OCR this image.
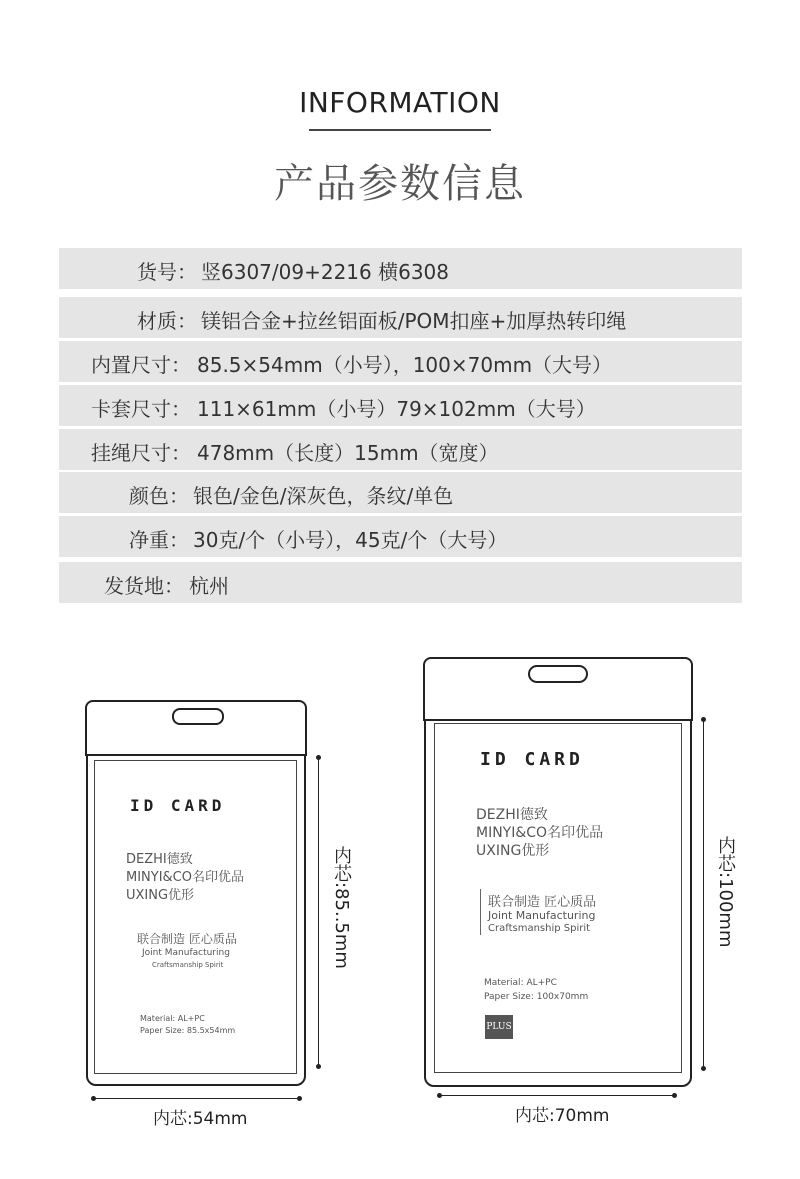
INFORMATION
产品参数信息
货号： 竖6307/09+2216 横6308
材质： 镁铝合金+拉丝铝面板/POM扣座+加厚热转印绳
内置尺寸： 85.5×54mm（小号），100×70mm（大号）
卡套尺寸： 111×61mm（小号）79×102mm（大号）
挂绳尺寸： 478mm（长度）15mm（宽度）
颜色： 银色/金色/深灰色，条纹/单色
净重： 30克/个（小号），45克/个（大号）
发货地： 杭州
ID CARD
DEZHI德致
MINYI&CO名印优品
UXING优形
联合制造 匠心质品
Joint Manufacturing
Craftsmanship Spirit
Material: AL+PC
Paper Size: 85.5x54mm
内芯:85..5mm
内芯:54mm
ID CARD
DEZHI德致
MINYI&CO名印优品
UXING优形
联合制造 匠心质品
Joint Manufacturing
Craftsmanship Spirit
Material: AL+PC
Paper Size: 100x70mm
PLUS
内芯:100mm
内芯:70mm
